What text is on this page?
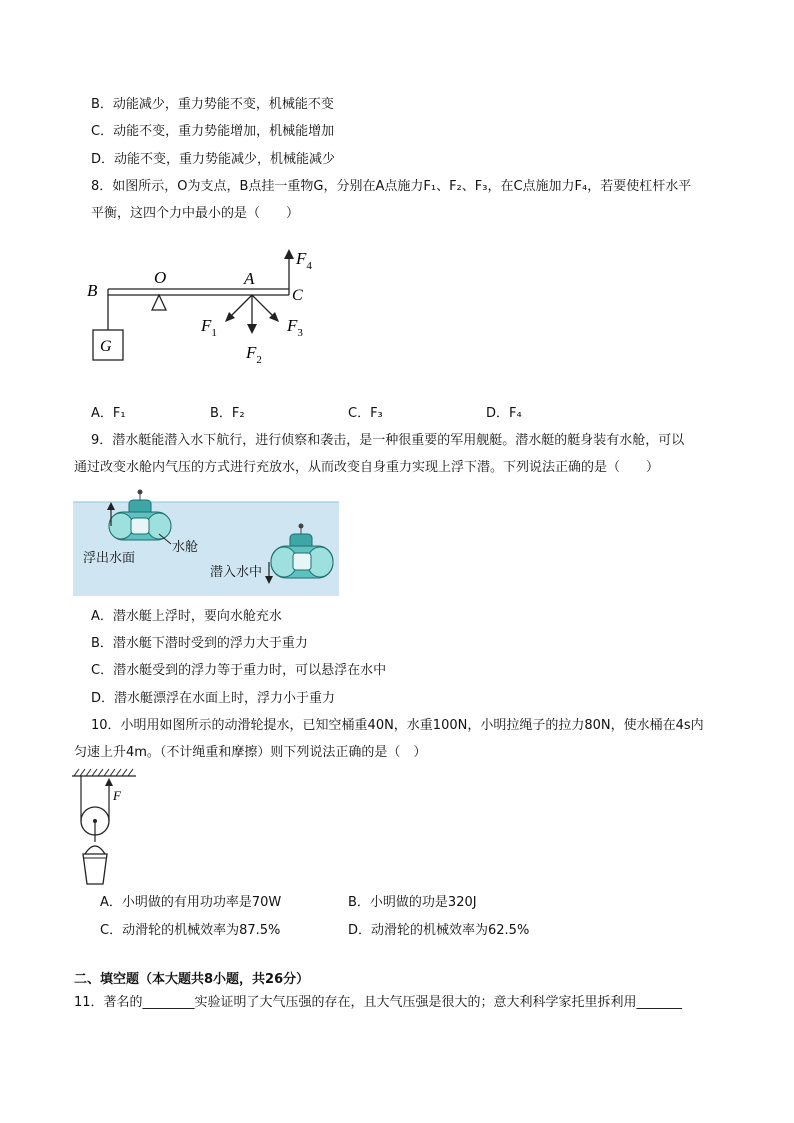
B．动能减少，重力势能不变，机械能不变
C．动能不变，重力势能增加，机械能增加
D．动能不变，重力势能减少，机械能减少
8．如图所示，O为支点，B点挂一重物G，分别在A点施力F₁、F₂、F₃，在C点施加力F₄，若要使杠杆水平
平衡，这四个力中最小的是（　　）
G
B
O	A
C
$F_4$
$F_1$
$F_2$
$F_3$
A．F₁	B．F₂	C．F₃	D．F₄
9．潜水艇能潜入水下航行，进行侦察和袭击，是一种很重要的军用舰艇。潜水艇的艇身装有水舱，可以
通过改变水舱内气压的方式进行充放水，从而改变自身重力实现上浮下潜。下列说法正确的是（　　）
浮出水面
水舱
潜入水中
A．潜水艇上浮时，要向水舱充水
B．潜水艇下潜时受到的浮力大于重力
C．潜水艇受到的浮力等于重力时，可以悬浮在水中
D．潜水艇漂浮在水面上时，浮力小于重力
10．小明用如图所示的动滑轮提水，已知空桶重40N，水重100N，小明拉绳子的拉力80N，使水桶在4s内
匀速上升4m。（不计绳重和摩擦）则下列说法正确的是（　）
F
A．小明做的有用功功率是70W	B．小明做的功是320J
C．动滑轮的机械效率为87.5%	D．动滑轮的机械效率为62.5%
二、填空题（本大题共8小题，共26分）
11．著名的________实验证明了大气压强的存在，且大气压强是很大的；意大利科学家托里拆利用_______
